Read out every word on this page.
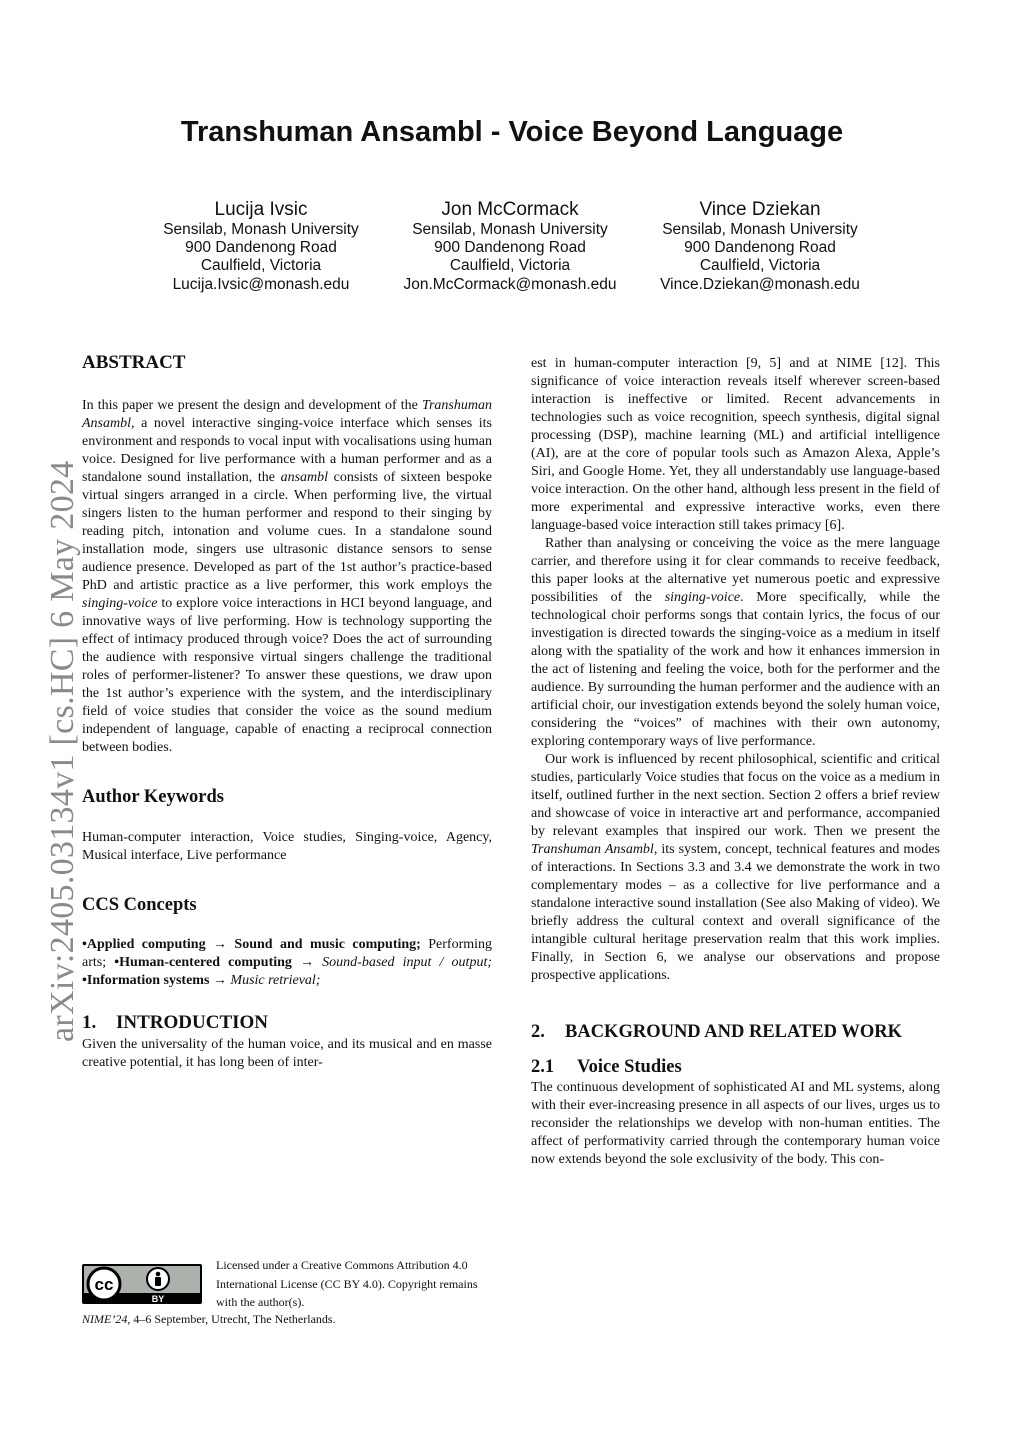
arXiv:2405.03134v1 [cs.HC] 6 May 2024
Transhuman Ansambl - Voice Beyond Language
Lucija Ivsic
Sensilab, Monash University
900 Dandenong Road
Caulfield, Victoria
Lucija.Ivsic@monash.edu
Jon McCormack
Sensilab, Monash University
900 Dandenong Road
Caulfield, Victoria
Jon.McCormack@monash.edu
Vince Dziekan
Sensilab, Monash University
900 Dandenong Road
Caulfield, Victoria
Vince.Dziekan@monash.edu
ABSTRACT

In this paper we present the design and development of the Transhuman Ansambl, a novel interactive singing-voice interface which senses its environment and responds to vocal input with vocalisations using human voice. Designed for live performance with a human performer and as a standalone sound installation, the ansambl consists of sixteen bespoke virtual singers arranged in a circle. When performing live, the virtual singers listen to the human performer and respond to their singing by reading pitch, intonation and volume cues. In a standalone sound installation mode, singers use ultrasonic distance sensors to sense audience presence. Developed as part of the 1st author’s practice-based PhD and artistic practice as a live performer, this work employs the singing-voice to explore voice interactions in HCI beyond language, and innovative ways of live performing. How is technology supporting the effect of intimacy produced through voice? Does the act of surrounding the audience with responsive virtual singers challenge the traditional roles of performer-listener? To answer these questions, we draw upon the 1st author’s experience with the system, and the interdisciplinary field of voice studies that consider the voice as the sound medium independent of language, capable of enacting a reciprocal connection between bodies.

Author Keywords

Human-computer interaction, Voice studies, Singing-voice, Agency, Musical interface, Live performance

CCS Concepts

•Applied computing → Sound and music computing; Performing arts; •Human-centered computing → Sound-based input / output; •Information systems → Music retrieval;

1. INTRODUCTION

Given the universality of the human voice, and its musical and en masse creative potential, it has long been of inter-

est in human-computer interaction [9, 5] and at NIME [12]. This significance of voice interaction reveals itself wherever screen-based interaction is ineffective or limited. Recent advancements in technologies such as voice recognition, speech synthesis, digital signal processing (DSP), machine learning (ML) and artificial intelligence (AI), are at the core of popular tools such as Amazon Alexa, Apple’s Siri, and Google Home. Yet, they all understandably use language-based voice interaction. On the other hand, although less present in the field of more experimental and expressive interactive works, even there language-based voice interaction still takes primacy [6].

Rather than analysing or conceiving the voice as the mere language carrier, and therefore using it for clear commands to receive feedback, this paper looks at the alternative yet numerous poetic and expressive possibilities of the singing-voice. More specifically, while the technological choir performs songs that contain lyrics, the focus of our investigation is directed towards the singing-voice as a medium in itself along with the spatiality of the work and how it enhances immersion in the act of listening and feeling the voice, both for the performer and the audience. By surrounding the human performer and the audience with an artificial choir, our investigation extends beyond the solely human voice, considering the “voices” of machines with their own autonomy, exploring contemporary ways of live performance.

Our work is influenced by recent philosophical, scientific and critical studies, particularly Voice studies that focus on the voice as a medium in itself, outlined further in the next section. Section 2 offers a brief review and showcase of voice in interactive art and performance, accompanied by relevant examples that inspired our work. Then we present the Transhuman Ansambl, its system, concept, technical features and modes of interactions. In Sections 3.3 and 3.4 we demonstrate the work in two complementary modes – as a collective for live performance and a standalone interactive sound installation (See also Making of video). We briefly address the cultural context and overall significance of the intangible cultural heritage preservation realm that this work implies. Finally, in Section 6, we analyse our observations and propose prospective applications.

2. BACKGROUND AND RELATED WORK
2.1 Voice Studies

The continuous development of sophisticated AI and ML systems, along with their ever-increasing presence in all aspects of our lives, urges us to reconsider the relationships we develop with non-human entities. The affect of performativity carried through the contemporary human voice now extends beyond the sole exclusivity of the body. This con-

cc
BY
Licensed under a Creative Commons Attribution 4.0 International License (CC BY 4.0). Copyright remains with the author(s).
NIME’24, 4–6 September, Utrecht, The Netherlands.
